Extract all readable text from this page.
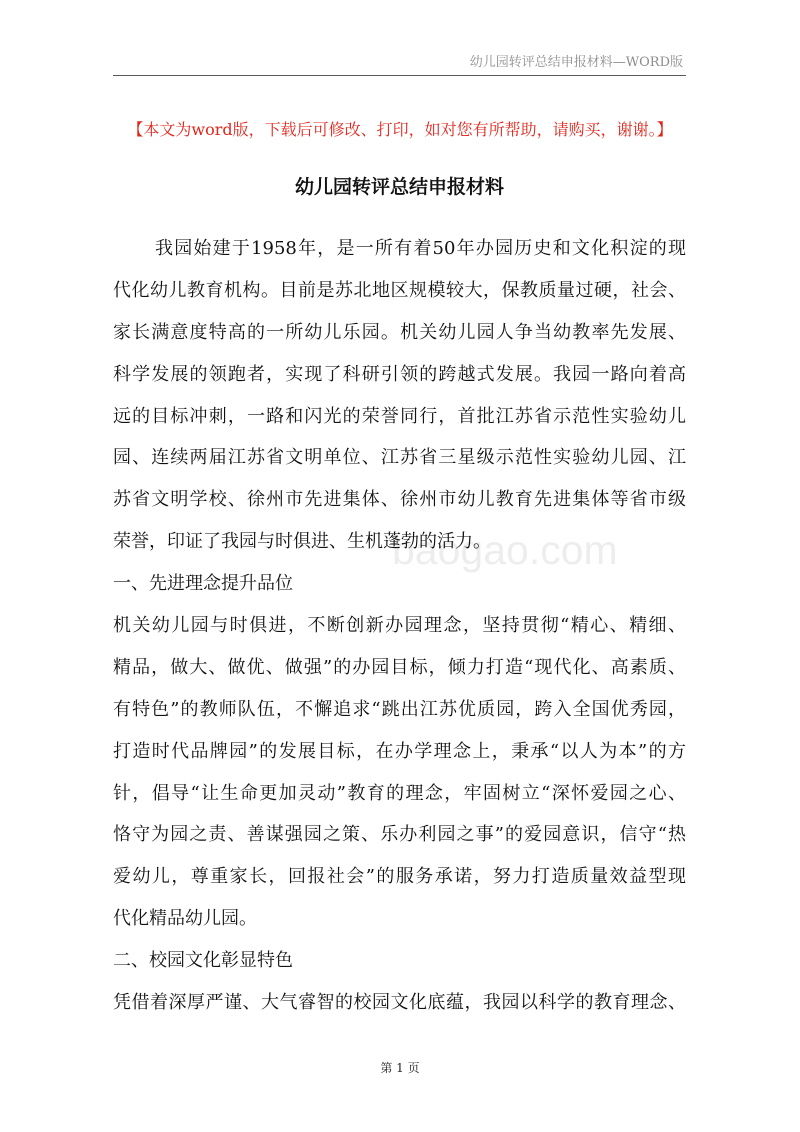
幼儿园转评总结申报材料—WORD版
【本文为word版，下载后可修改、打印，如对您有所帮助，请购买，谢谢。】
幼儿园转评总结申报材料
baogao.com
我园始建于1958年，是一所有着50年办园历史和文化积淀的现
代化幼儿教育机构。目前是苏北地区规模较大，保教质量过硬，社会、
家长满意度特高的一所幼儿乐园。机关幼儿园人争当幼教率先发展、
科学发展的领跑者，实现了科研引领的跨越式发展。我园一路向着高
远的目标冲刺，一路和闪光的荣誉同行，首批江苏省示范性实验幼儿
园、连续两届江苏省文明单位、江苏省三星级示范性实验幼儿园、江
苏省文明学校、徐州市先进集体、徐州市幼儿教育先进集体等省市级
荣誉，印证了我园与时俱进、生机蓬勃的活力。
一、先进理念提升品位
机关幼儿园与时俱进，不断创新办园理念，坚持贯彻“精心、精细、
精品，做大、做优、做强”的办园目标，倾力打造“现代化、高素质、
有特色”的教师队伍，不懈追求“跳出江苏优质园，跨入全国优秀园，
打造时代品牌园”的发展目标，在办学理念上，秉承“以人为本”的方
针，倡导“让生命更加灵动”教育的理念，牢固树立“深怀爱园之心、
恪守为园之责、善谋强园之策、乐办利园之事”的爱园意识，信守“热
爱幼儿，尊重家长，回报社会”的服务承诺，努力打造质量效益型现
代化精品幼儿园。
二、校园文化彰显特色
凭借着深厚严谨、大气睿智的校园文化底蕴，我园以科学的教育理念、
第 1 页
